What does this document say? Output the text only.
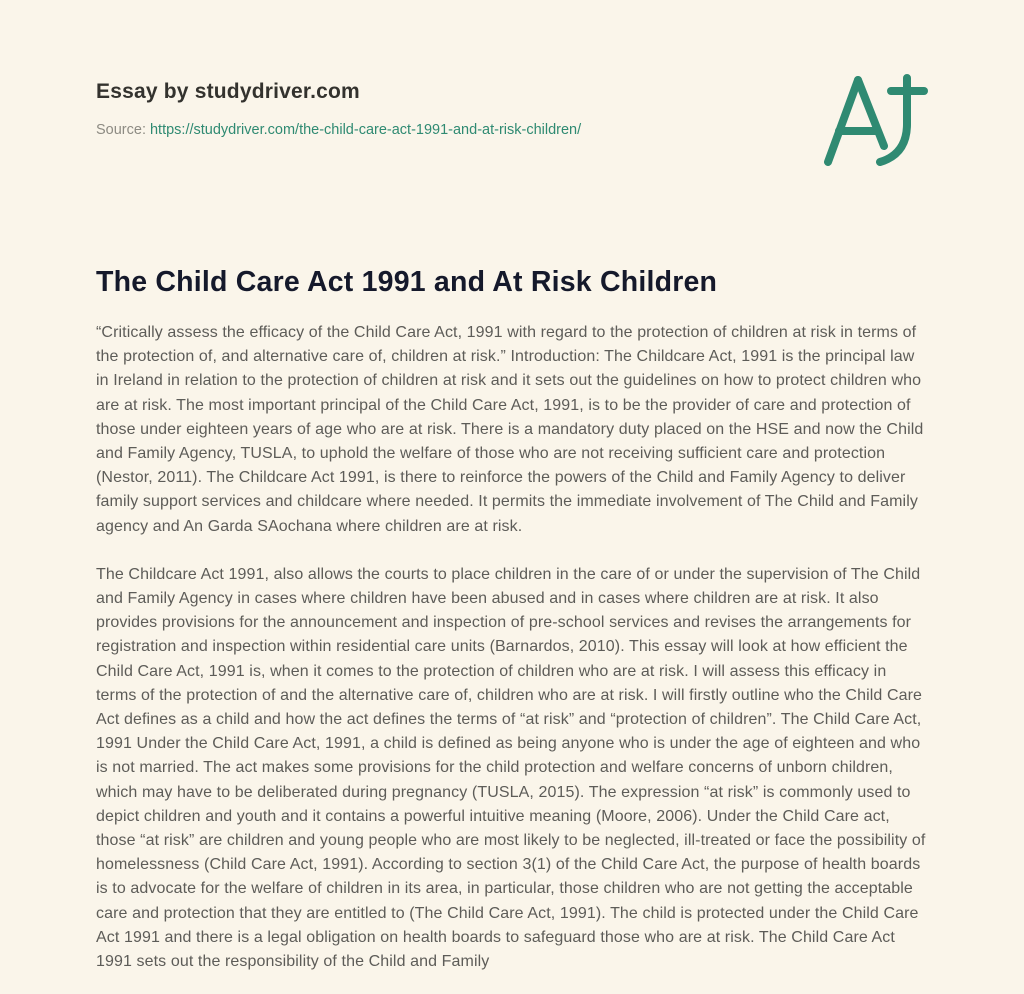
Essay by studydriver.com

Source: https://studydriver.com/the-child-care-act-1991-and-at-risk-children/

The Child Care Act 1991 and At Risk Children

“Critically assess the efficacy of the Child Care Act, 1991 with regard to the protection of children at risk in terms of the protection of, and alternative care of, children at risk.” Introduction: The Childcare Act, 1991 is the principal law in Ireland in relation to the protection of children at risk and it sets out the guidelines on how to protect children who are at risk. The most important principal of the Child Care Act, 1991, is to be the provider of care and protection of those under eighteen years of age who are at risk. There is a mandatory duty placed on the HSE and now the Child and Family Agency, TUSLA, to uphold the welfare of those who are not receiving sufficient care and protection (Nestor, 2011). The Childcare Act 1991, is there to reinforce the powers of the Child and Family Agency to deliver family support services and childcare where needed. It permits the immediate involvement of The Child and Family agency and An Garda SAochana where children are at risk.

The Childcare Act 1991, also allows the courts to place children in the care of or under the supervision of The Child and Family Agency in cases where children have been abused and in cases where children are at risk. It also provides provisions for the announcement and inspection of pre-school services and revises the arrangements for registration and inspection within residential care units (Barnardos, 2010). This essay will look at how efficient the Child Care Act, 1991 is, when it comes to the protection of children who are at risk. I will assess this efficacy in terms of the protection of and the alternative care of, children who are at risk. I will firstly outline who the Child Care Act defines as a child and how the act defines the terms of “at risk” and “protection of children”. The Child Care Act, 1991 Under the Child Care Act, 1991, a child is defined as being anyone who is under the age of eighteen and who is not married. The act makes some provisions for the child protection and welfare concerns of unborn children, which may have to be deliberated during pregnancy (TUSLA, 2015). The expression “at risk” is commonly used to depict children and youth and it contains a powerful intuitive meaning (Moore, 2006). Under the Child Care act, those “at risk” are children and young people who are most likely to be neglected, ill-treated or face the possibility of homelessness (Child Care Act, 1991). According to section 3(1) of the Child Care Act, the purpose of health boards is to advocate for the welfare of children in its area, in particular, those children who are not getting the acceptable care and protection that they are entitled to (The Child Care Act, 1991). The child is protected under the Child Care Act 1991 and there is a legal obligation on health boards to safeguard those who are at risk. The Child Care Act 1991 sets out the responsibility of the Child and Family
